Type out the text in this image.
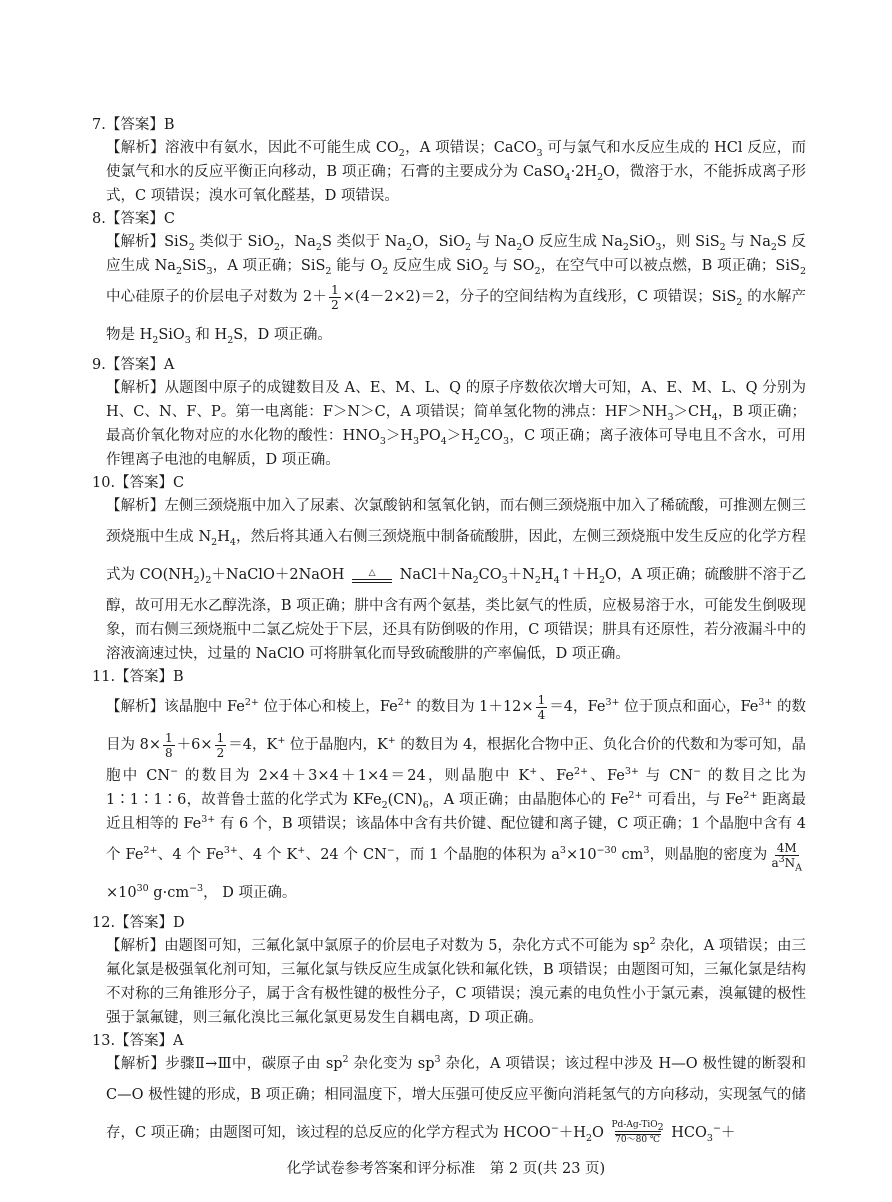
7.【答案】B

【解析】溶液中有氨水，因此不可能生成 $CO_2$，A 项错误；CaCO$_3$ 可与氯气和水反应生成的 HCl 反应，而使氯气和水的反应平衡正向移动，B 项正确；石膏的主要成分为 $CaSO_4\cdot 2H_2O$，微溶于水，不能拆成离子形式，C 项错误；溴水可氧化醛基，D 项错误。

8.【答案】C

【解析】SiS$_2$ 类似于 SiO$_2$，$Na_2S$ 类似于 $Na_2O$，SiO$_2$ 与 $Na_2O$ 反应生成 $Na_2SiO_3$，则 SiS$_2$ 与 $Na_2S$ 反应生成 $Na_2SiS_3$，A 项正确；SiS$_2$ 能与 $O_2$ 反应生成 SiO$_2$ 与 $SO_2$，在空气中可以被点燃，B 项正确；SiS$_2$ 中心硅原子的价层电子对数为 $2+ \frac{1}{2} \times(4-2\times 2)=2$，分子的空间结构为直线形，C 项错误；SiS$_2$ 的水解产物是 $H_2SiO_3$ 和 $H_2S$，D 项正确。

9.【答案】A

【解析】从题图中原子的成键数目及 A、E、M、L、Q 的原子序数依次增大可知，A、E、M、L、Q 分别为 H、C、N、F、P。第一电离能：F＞N＞C，A 项错误；简单氢化物的沸点：$HF>NH_3>CH_4$，B 项正确；最高价氧化物对应的水化物的酸性：$HNO_3>H_3PO_4>H_2CO_3$，C 项正确；离子液体可导电且不含水，可用作锂离子电池的电解质，D 项正确。

10.【答案】C

【解析】左侧三颈烧瓶中加入了尿素、次氯酸钠和氢氧化钠，而右侧三颈烧瓶中加入了稀硫酸，可推测左侧三颈烧瓶中生成 $N_2H_4$，然后将其通入右侧三颈烧瓶中制备硫酸肼，因此，左侧三颈烧瓶中发生反应的化学方程式为 $CO(NH_2)_2+NaClO+2NaOH$ △ $NaCl+Na_2CO_3+N_2H_4↑+H_2O$，A 项正确；硫酸肼不溶于乙醇，故可用无水乙醇洗涤，B 项正确；肼中含有两个氨基，类比氨气的性质，应极易溶于水，可能发生倒吸现象，而右侧三颈烧瓶中二氯乙烷处于下层，还具有防倒吸的作用，C 项错误；肼具有还原性，若分液漏斗中的溶液滴速过快，过量的 NaClO 可将肼氧化而导致硫酸肼的产率偏低，D 项正确。

11.【答案】B

【解析】该晶胞中 $Fe^{2+}$ 位于体心和棱上，$Fe^{2+}$ 的数目为 $1+12\times \frac{1}{4} =4$，$Fe^{3+}$ 位于顶点和面心，$Fe^{3+}$ 的数目为 $8\times \frac{1}{8} +6\times \frac{1}{2} =4$，K+ 位于晶胞内，K+ 的数目为 4，根据化合物中正、负化合价的代数和为零可知，晶胞中 CN− 的数目为 2×4＋3×4＋1×4＝24，则晶胞中 K+、$Fe^{2+}$、$Fe^{3+}$ 与 CN− 的数目之比为 1∶1∶1∶6，故普鲁士蓝的化学式为 $KFe_2(CN)_6$，A 项正确；由晶胞体心的 $Fe^{2+}$ 可看出，与 $Fe^{2+}$ 距离最近且相等的 $Fe^{3+}$ 有 6 个，B 项错误；该晶体中含有共价键、配位键和离子键，C 项正确；1 个晶胞中含有 4 个 $Fe^{2+}$、4 个 $Fe^{3+}$、4 个 K+、24 个 CN−，而 1 个晶胞的体积为 $a^3\times 10^{-30}$ $cm^3$，则晶胞的密度为 $\frac{4M}{a^3N_A}$
$\times 10^{30}$ $g\cdot cm^{-3}$， D 项正确。

12.【答案】D

【解析】由题图可知，三氟化氯中氯原子的价层电子对数为 5，杂化方式不可能为 $sp^2$ 杂化，A 项错误；由三氟化氯是极强氧化剂可知，三氟化氯与铁反应生成氯化铁和氟化铁，B 项错误；由题图可知，三氟化氯是结构不对称的三角锥形分子，属于含有极性键的极性分子，C 项错误；溴元素的电负性小于氯元素，溴氟键的极性强于氯氟键，则三氟化溴比三氟化氯更易发生自耦电离，D 项正确。

13.【答案】A

【解析】步骤Ⅱ→Ⅲ中，碳原子由 $sp^2$ 杂化变为 $sp^3$ 杂化，A 项错误；该过程中涉及 H—O 极性键的断裂和 C—O 极性键的形成，B 项正确；相同温度下，增大压强可使反应平衡向消耗氢气的方向移动，实现氢气的储存，C 项正确；由题图可知，该过程的总反应的化学方程式为 $HCOO^-+H_2O$ Pd-Ag-TiO$_2$
70～80 ℃ $HCO_3^-+$

化学试卷参考答案和评分标准　第 2 页(共 23 页)
